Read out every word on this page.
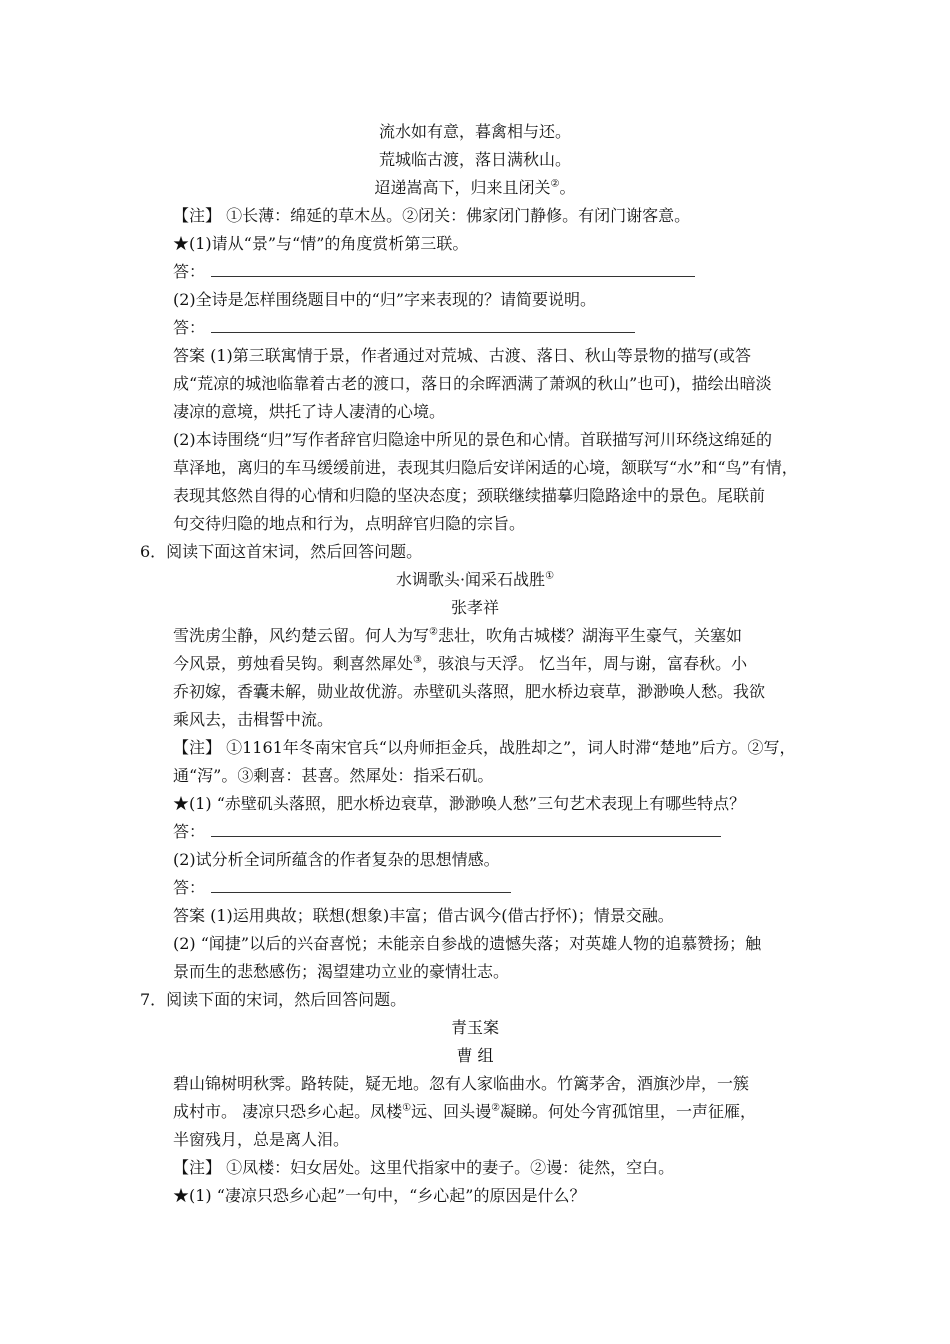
流水如有意，暮禽相与还。
荒城临古渡，落日满秋山。
迢递嵩高下，归来且闭关②。
【注】 ①长薄：绵延的草木丛。②闭关：佛家闭门静修。有闭门谢客意。
★(1)请从“景”与“情”的角度赏析第三联。
答：
(2)全诗是怎样围绕题目中的“归”字来表现的？请简要说明。
答：
答案 (1)第三联寓情于景，作者通过对荒城、古渡、落日、秋山等景物的描写(或答
成“荒凉的城池临靠着古老的渡口，落日的余晖洒满了萧飒的秋山”也可)，描绘出暗淡
凄凉的意境，烘托了诗人凄清的心境。
(2)本诗围绕“归”写作者辞官归隐途中所见的景色和心情。首联描写河川环绕这绵延的
草泽地，离归的车马缓缓前进，表现其归隐后安详闲适的心境，颔联写“水”和“鸟”有情，
表现其悠然自得的心情和归隐的坚决态度；颈联继续描摹归隐路途中的景色。尾联前
句交待归隐的地点和行为，点明辞官归隐的宗旨。
6．阅读下面这首宋词，然后回答问题。
水调歌头·闻采石战胜①
张孝祥
雪洗虏尘静，风约楚云留。何人为写②悲壮，吹角古城楼？湖海平生豪气，关塞如
今风景，剪烛看吴钩。剩喜然犀处③，骇浪与天浮。 忆当年，周与谢，富春秋。小
乔初嫁，香囊未解，勋业故优游。赤壁矶头落照，肥水桥边衰草，渺渺唤人愁。我欲
乘风去，击楫誓中流。
【注】 ①1161年冬南宋官兵“以舟师拒金兵，战胜却之”，词人时滞“楚地”后方。②写，
通“泻”。③剩喜：甚喜。然犀处：指采石矶。
★(1) “赤壁矶头落照，肥水桥边衰草，渺渺唤人愁”三句艺术表现上有哪些特点？
答：
(2)试分析全词所蕴含的作者复杂的思想情感。
答：
答案 (1)运用典故；联想(想象)丰富；借古讽今(借古抒怀)；情景交融。
(2) “闻捷”以后的兴奋喜悦；未能亲自参战的遗憾失落；对英雄人物的追慕赞扬；触
景而生的悲愁感伤；渴望建功立业的豪情壮志。
7．阅读下面的宋词，然后回答问题。
青玉案
曹 组
碧山锦树明秋霁。路转陡，疑无地。忽有人家临曲水。竹篱茅舍，酒旗沙岸，一簇
成村市。 凄凉只恐乡心起。凤楼①远、回头谩②凝睇。何处今宵孤馆里，一声征雁，
半窗残月，总是离人泪。
【注】 ①凤楼：妇女居处。这里代指家中的妻子。②谩：徒然，空白。
★(1) “凄凉只恐乡心起”一句中，“乡心起”的原因是什么？
